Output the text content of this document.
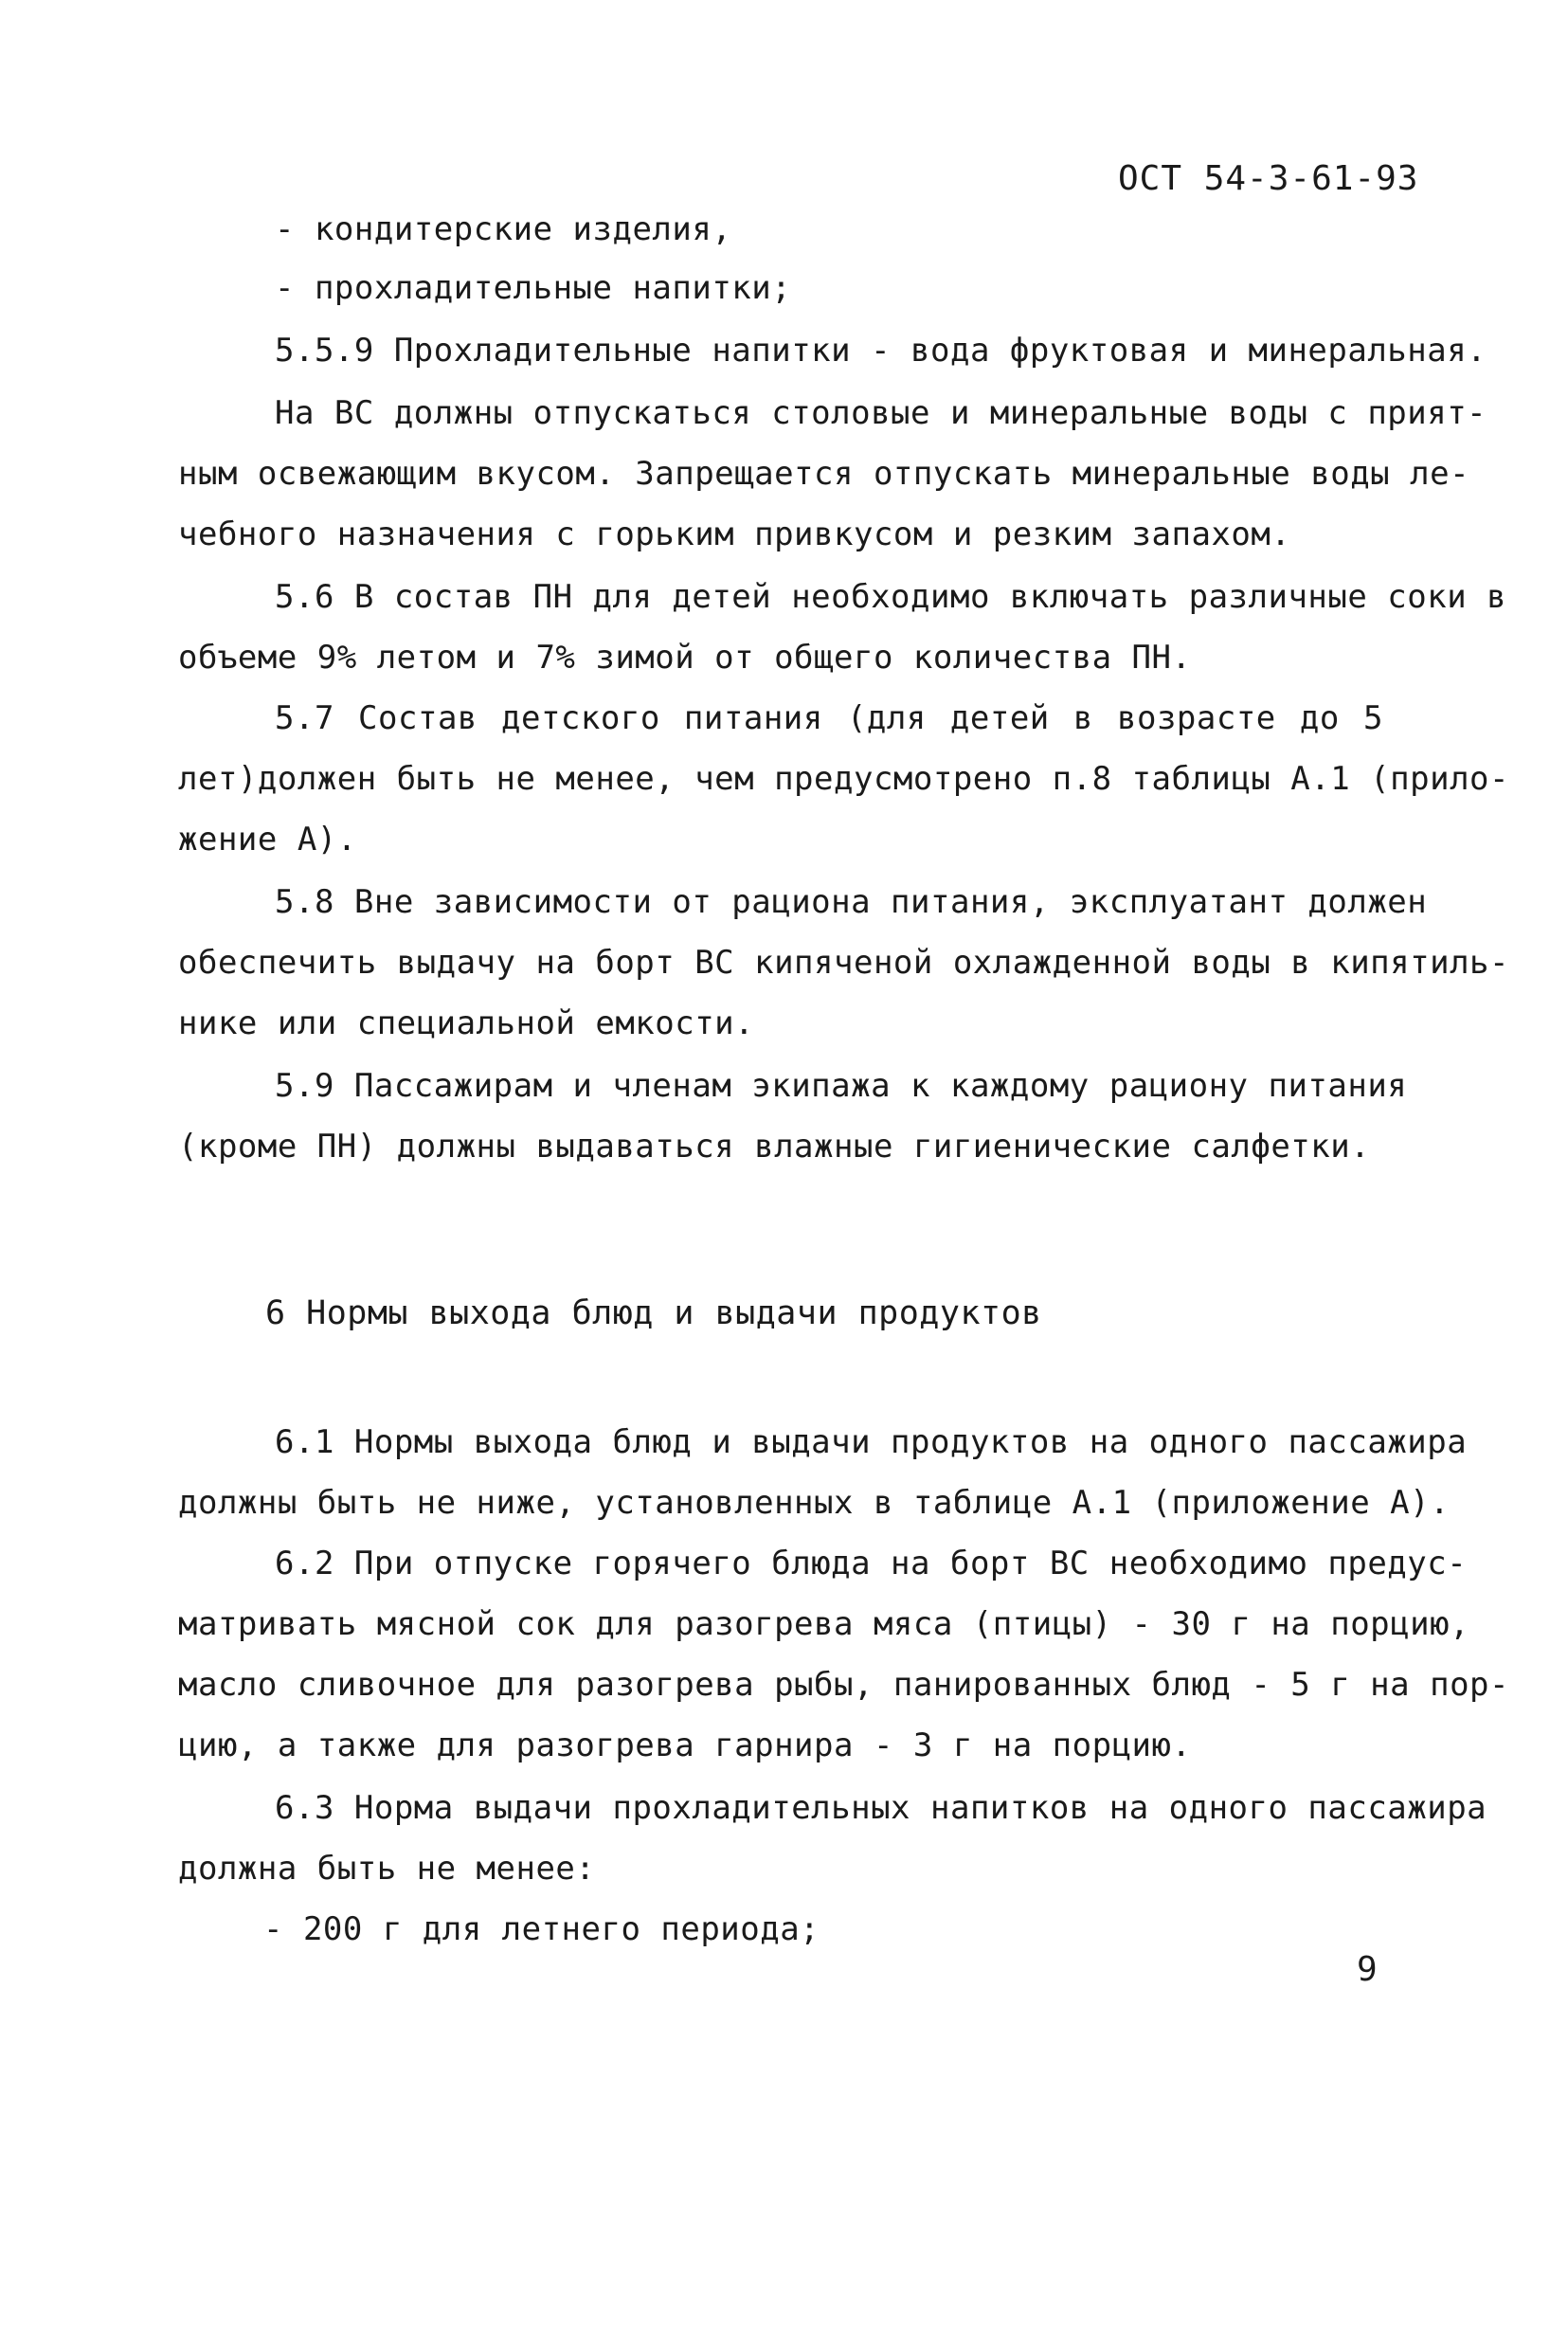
ОСТ 54-3-61-93
- кондитерские изделия,
- прохладительные напитки;
5.5.9 Прохладительные напитки - вода фруктовая и минеральная.
На ВС должны отпускаться столовые и минеральные воды с прият-
ным освежающим вкусом. Запрещается отпускать минеральные воды ле-
чебного назначения с горьким привкусом и резким запахом.
5.6 В состав ПН для детей необходимо включать различные соки в
объеме 9% летом и 7% зимой от общего количества ПН.
5.7 Состав детского питания (для детей в возрасте до 5
лет)должен быть не менее, чем предусмотрено п.8 таблицы А.1 (прило-
жение А).
5.8 Вне зависимости от рациона питания, эксплуатант должен
обеспечить выдачу на борт ВС кипяченой охлажденной воды в кипятиль-
нике или специальной емкости.
5.9 Пассажирам и членам экипажа к каждому рациону питания
(кроме ПН) должны выдаваться влажные гигиенические салфетки.
6 Нормы выхода блюд и выдачи продуктов
6.1 Нормы выхода блюд и выдачи продуктов на одного пассажира
должны быть не ниже, установленных в таблице А.1 (приложение А).
6.2 При отпуске горячего блюда на борт ВС необходимо предус-
матривать мясной сок для разогрева мяса (птицы) - 30 г на порцию,
масло сливочное для разогрева рыбы, панированных блюд - 5 г на пор-
цию, а также для разогрева гарнира - 3 г на порцию.
6.3 Норма выдачи прохладительных напитков на одного пассажира
должна быть не менее:
- 200 г для летнего периода;
9
